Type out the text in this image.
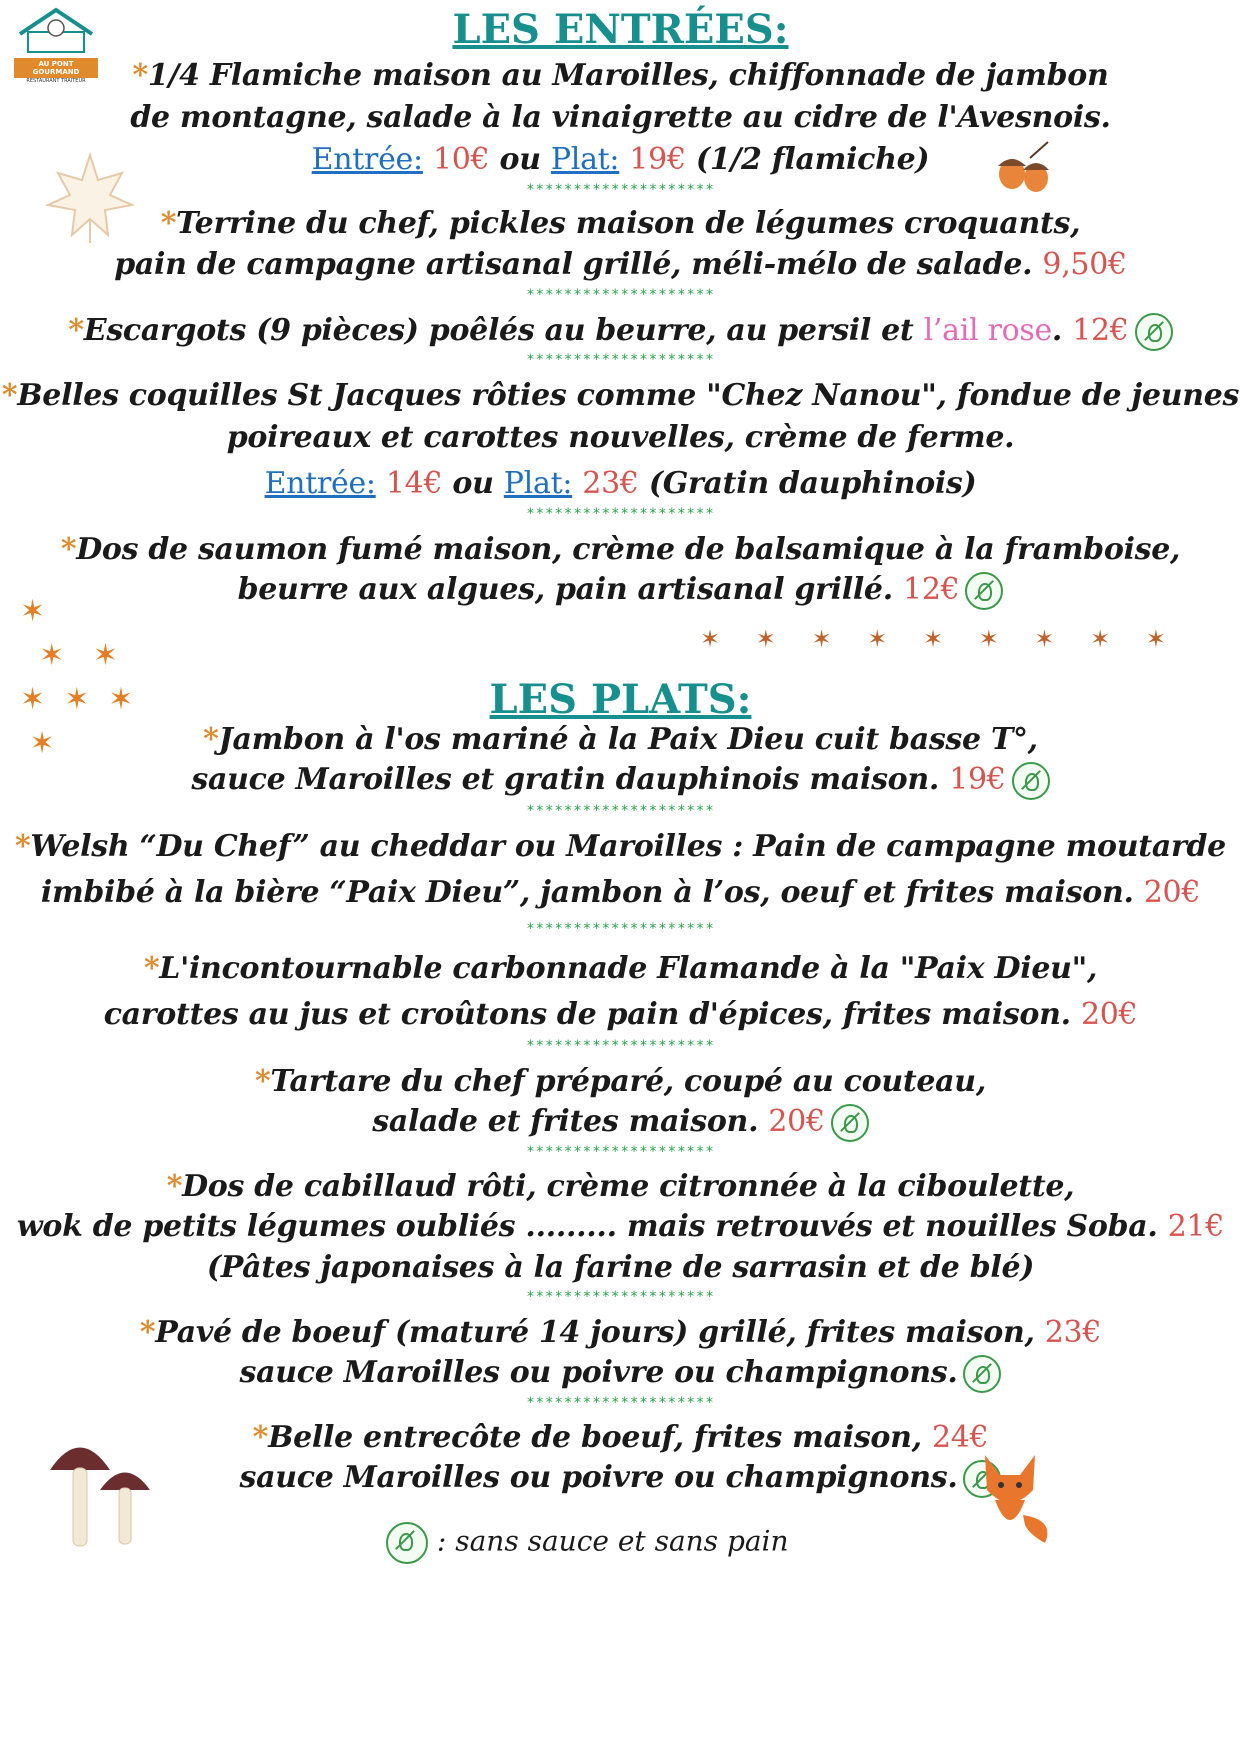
AU PONT GOURMAND
RESTAURANT TRAITEUR
LES ENTRÉES:
*1/4 Flamiche maison au Maroilles, chiffonnade de jambon
de montagne, salade à la vinaigrette au cidre de l'Avesnois.
Entrée: 10€ ou Plat: 19€ (1/2 flamiche)
********************
*Terrine du chef, pickles maison de légumes croquants,
pain de campagne artisanal grillé, méli-mélo de salade. 9,50€
********************
*Escargots (9 pièces) poêlés au beurre, au persil et l’ail rose. 12€
********************
*Belles coquilles St Jacques rôties comme "Chez Nanou", fondue de jeunes
poireaux et carottes nouvelles, crème de ferme.
Entrée: 14€ ou Plat: 23€ (Gratin dauphinois)
********************
*Dos de saumon fumé maison, crème de balsamique à la framboise,
beurre aux algues, pain artisanal grillé. 12€
LES PLATS:
*Jambon à l'os mariné à la Paix Dieu cuit basse T°,
sauce Maroilles et gratin dauphinois maison. 19€
********************
*Welsh “Du Chef” au cheddar ou Maroilles : Pain de campagne moutarde
imbibé à la bière “Paix Dieu”, jambon à l’os, oeuf et frites maison. 20€
********************
*L'incontournable carbonnade Flamande à la "Paix Dieu",
carottes au jus et croûtons de pain d'épices, frites maison. 20€
********************
*Tartare du chef préparé, coupé au couteau,
salade et frites maison. 20€
********************
*Dos de cabillaud rôti, crème citronnée à la ciboulette,
wok de petits légumes oubliés ......... mais retrouvés et nouilles Soba. 21€
(Pâtes japonaises à la farine de sarrasin et de blé)
********************
*Pavé de boeuf (maturé 14 jours) grillé, frites maison, 23€
sauce Maroilles ou poivre ou champignons.
********************
*Belle entrecôte de boeuf, frites maison, 24€
sauce Maroilles ou poivre ou champignons.
: sans sauce et sans pain
✶
✶   ✶
✶  ✶  ✶
✶
✶ ✶ ✶ ✶ ✶ ✶ ✶ ✶ ✶
